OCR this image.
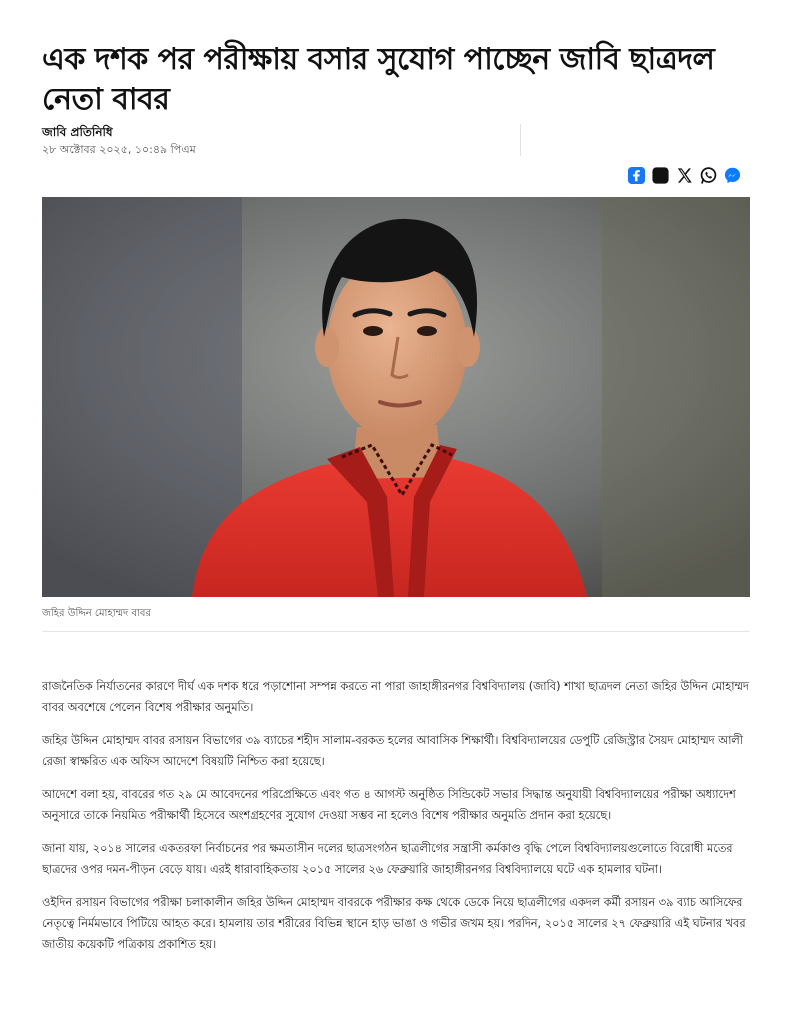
এক দশক পর পরীক্ষায় বসার সুযোগ পাচ্ছেন জাবি ছাত্রদল নেতা বাবর
জাবি প্রতিনিধি
২৮ অক্টোবর ২০২৫, ১০:৪৯ পিএম
জহির উদ্দিন মোহাম্মদ বাবর

রাজনৈতিক নির্যাতনের কারণে দীর্ঘ এক দশক ধরে পড়াশোনা সম্পন্ন করতে না পারা জাহাঙ্গীরনগর বিশ্ববিদ্যালয় (জাবি) শাখা ছাত্রদল নেতা জহির উদ্দিন মোহাম্মদ বাবর অবশেষে পেলেন বিশেষ পরীক্ষার অনুমতি।

জহির উদ্দিন মোহাম্মদ বাবর রসায়ন বিভাগের ৩৯ ব্যাচের শহীদ সালাম-বরকত হলের আবাসিক শিক্ষার্থী। বিশ্ববিদ্যালয়ের ডেপুটি রেজিস্ট্রার সৈয়দ মোহাম্মদ আলী রেজা স্বাক্ষরিত এক অফিস আদেশে বিষয়টি নিশ্চিত করা হয়েছে।

আদেশে বলা হয়, বাবরের গত ২৯ মে আবেদনের পরিপ্রেক্ষিতে এবং গত ৪ আগস্ট অনুষ্ঠিত সিন্ডিকেট সভার সিদ্ধান্ত অনুযায়ী বিশ্ববিদ্যালয়ের পরীক্ষা অধ্যাদেশ অনুসারে তাকে নিয়মিত পরীক্ষার্থী হিসেবে অংশগ্রহণের সুযোগ দেওয়া সম্ভব না হলেও বিশেষ পরীক্ষার অনুমতি প্রদান করা হয়েছে।

জানা যায়, ২০১৪ সালের একতরফা নির্বাচনের পর ক্ষমতাসীন দলের ছাত্রসংগঠন ছাত্রলীগের সন্ত্রাসী কর্মকাণ্ড বৃদ্ধি পেলে বিশ্ববিদ্যালয়গুলোতে বিরোধী মতের ছাত্রদের ওপর দমন-পীড়ন বেড়ে যায়। এরই ধারাবাহিকতায় ২০১৫ সালের ২৬ ফেব্রুয়ারি জাহাঙ্গীরনগর বিশ্ববিদ্যালয়ে ঘটে এক হামলার ঘটনা।

ওইদিন রসায়ন বিভাগের পরীক্ষা চলাকালীন জহির উদ্দিন মোহাম্মদ বাবরকে পরীক্ষার কক্ষ থেকে ডেকে নিয়ে ছাত্রলীগের একদল কর্মী রসায়ন ৩৯ ব্যাচ আসিফের নেতৃত্বে নির্মমভাবে পিটিয়ে আহত করে। হামলায় তার শরীরের বিভিন্ন স্থানে হাড় ভাঙা ও গভীর জখম হয়। পরদিন, ২০১৫ সালের ২৭ ফেব্রুয়ারি এই ঘটনার খবর জাতীয় কয়েকটি পত্রিকায় প্রকাশিত হয়।
